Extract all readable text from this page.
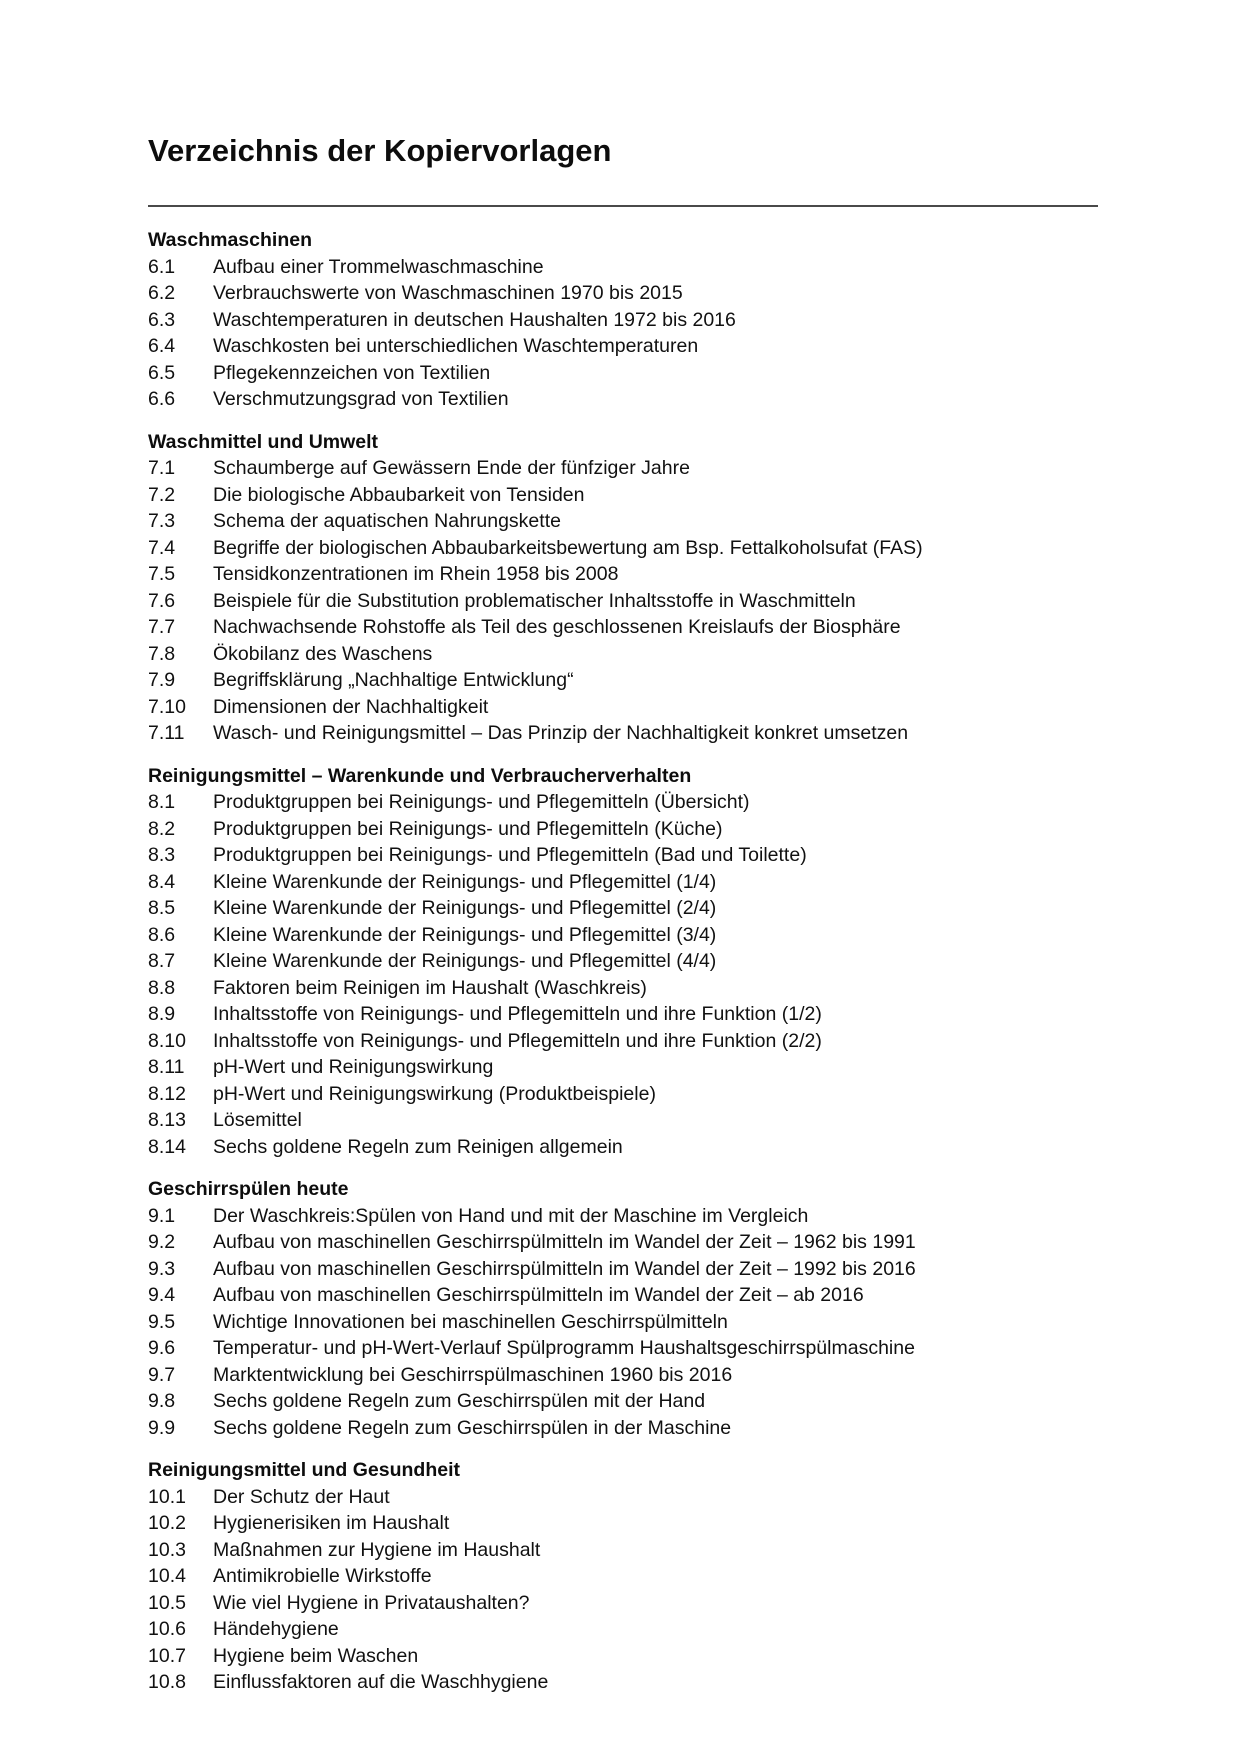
Verzeichnis der Kopiervorlagen
Waschmaschinen
6.1	Aufbau einer Trommelwaschmaschine
6.2	Verbrauchswerte von Waschmaschinen 1970 bis 2015
6.3	Waschtemperaturen in deutschen Haushalten 1972 bis 2016
6.4	Waschkosten bei unterschiedlichen Waschtemperaturen
6.5	Pflegekennzeichen von Textilien
6.6	Verschmutzungsgrad von Textilien
Waschmittel und Umwelt
7.1	Schaumberge auf Gewässern Ende der fünfziger Jahre
7.2	Die biologische Abbaubarkeit von Tensiden
7.3	Schema der aquatischen Nahrungskette
7.4	Begriffe der biologischen Abbaubarkeitsbewertung am Bsp. Fettalkoholsufat (FAS)
7.5	Tensidkonzentrationen im Rhein 1958 bis 2008
7.6	Beispiele für die Substitution problematischer Inhaltsstoffe in Waschmitteln
7.7	Nachwachsende Rohstoffe als Teil des geschlossenen Kreislaufs der Biosphäre
7.8	Ökobilanz des Waschens
7.9	Begriffsklärung „Nachhaltige Entwicklung“
7.10	Dimensionen der Nachhaltigkeit
7.11	Wasch- und Reinigungsmittel – Das Prinzip der Nachhaltigkeit konkret umsetzen
Reinigungsmittel – Warenkunde und Verbraucherverhalten
8.1	Produktgruppen bei Reinigungs- und Pflegemitteln (Übersicht)
8.2	Produktgruppen bei Reinigungs- und Pflegemitteln (Küche)
8.3	Produktgruppen bei Reinigungs- und Pflegemitteln (Bad und Toilette)
8.4	Kleine Warenkunde der Reinigungs- und Pflegemittel (1/4)
8.5	Kleine Warenkunde der Reinigungs- und Pflegemittel (2/4)
8.6	Kleine Warenkunde der Reinigungs- und Pflegemittel (3/4)
8.7	Kleine Warenkunde der Reinigungs- und Pflegemittel (4/4)
8.8	Faktoren beim Reinigen im Haushalt (Waschkreis)
8.9	Inhaltsstoffe von Reinigungs- und Pflegemitteln und ihre Funktion (1/2)
8.10	Inhaltsstoffe von Reinigungs- und Pflegemitteln und ihre Funktion (2/2)
8.11	pH-Wert und Reinigungswirkung
8.12	pH-Wert und Reinigungswirkung (Produktbeispiele)
8.13	Lösemittel
8.14	Sechs goldene Regeln zum Reinigen allgemein
Geschirrspülen heute
9.1	Der Waschkreis:Spülen von Hand und mit der Maschine im Vergleich
9.2	Aufbau von maschinellen Geschirrspülmitteln im Wandel der Zeit – 1962 bis 1991
9.3	Aufbau von maschinellen Geschirrspülmitteln im Wandel der Zeit – 1992 bis 2016
9.4	Aufbau von maschinellen Geschirrspülmitteln im Wandel der Zeit – ab 2016
9.5	Wichtige Innovationen bei maschinellen Geschirrspülmitteln
9.6	Temperatur- und pH-Wert-Verlauf Spülprogramm Haushaltsgeschirrspülmaschine
9.7	Marktentwicklung bei Geschirrspülmaschinen 1960 bis 2016
9.8	Sechs goldene Regeln zum Geschirrspülen mit der Hand
9.9	Sechs goldene Regeln zum Geschirrspülen in der Maschine
Reinigungsmittel und Gesundheit
10.1	Der Schutz der Haut
10.2	Hygienerisiken im Haushalt
10.3	Maßnahmen zur Hygiene im Haushalt
10.4	Antimikrobielle Wirkstoffe
10.5	Wie viel Hygiene in Privataushalten?
10.6	Händehygiene
10.7	Hygiene beim Waschen
10.8	Einflussfaktoren auf die Waschhygiene
